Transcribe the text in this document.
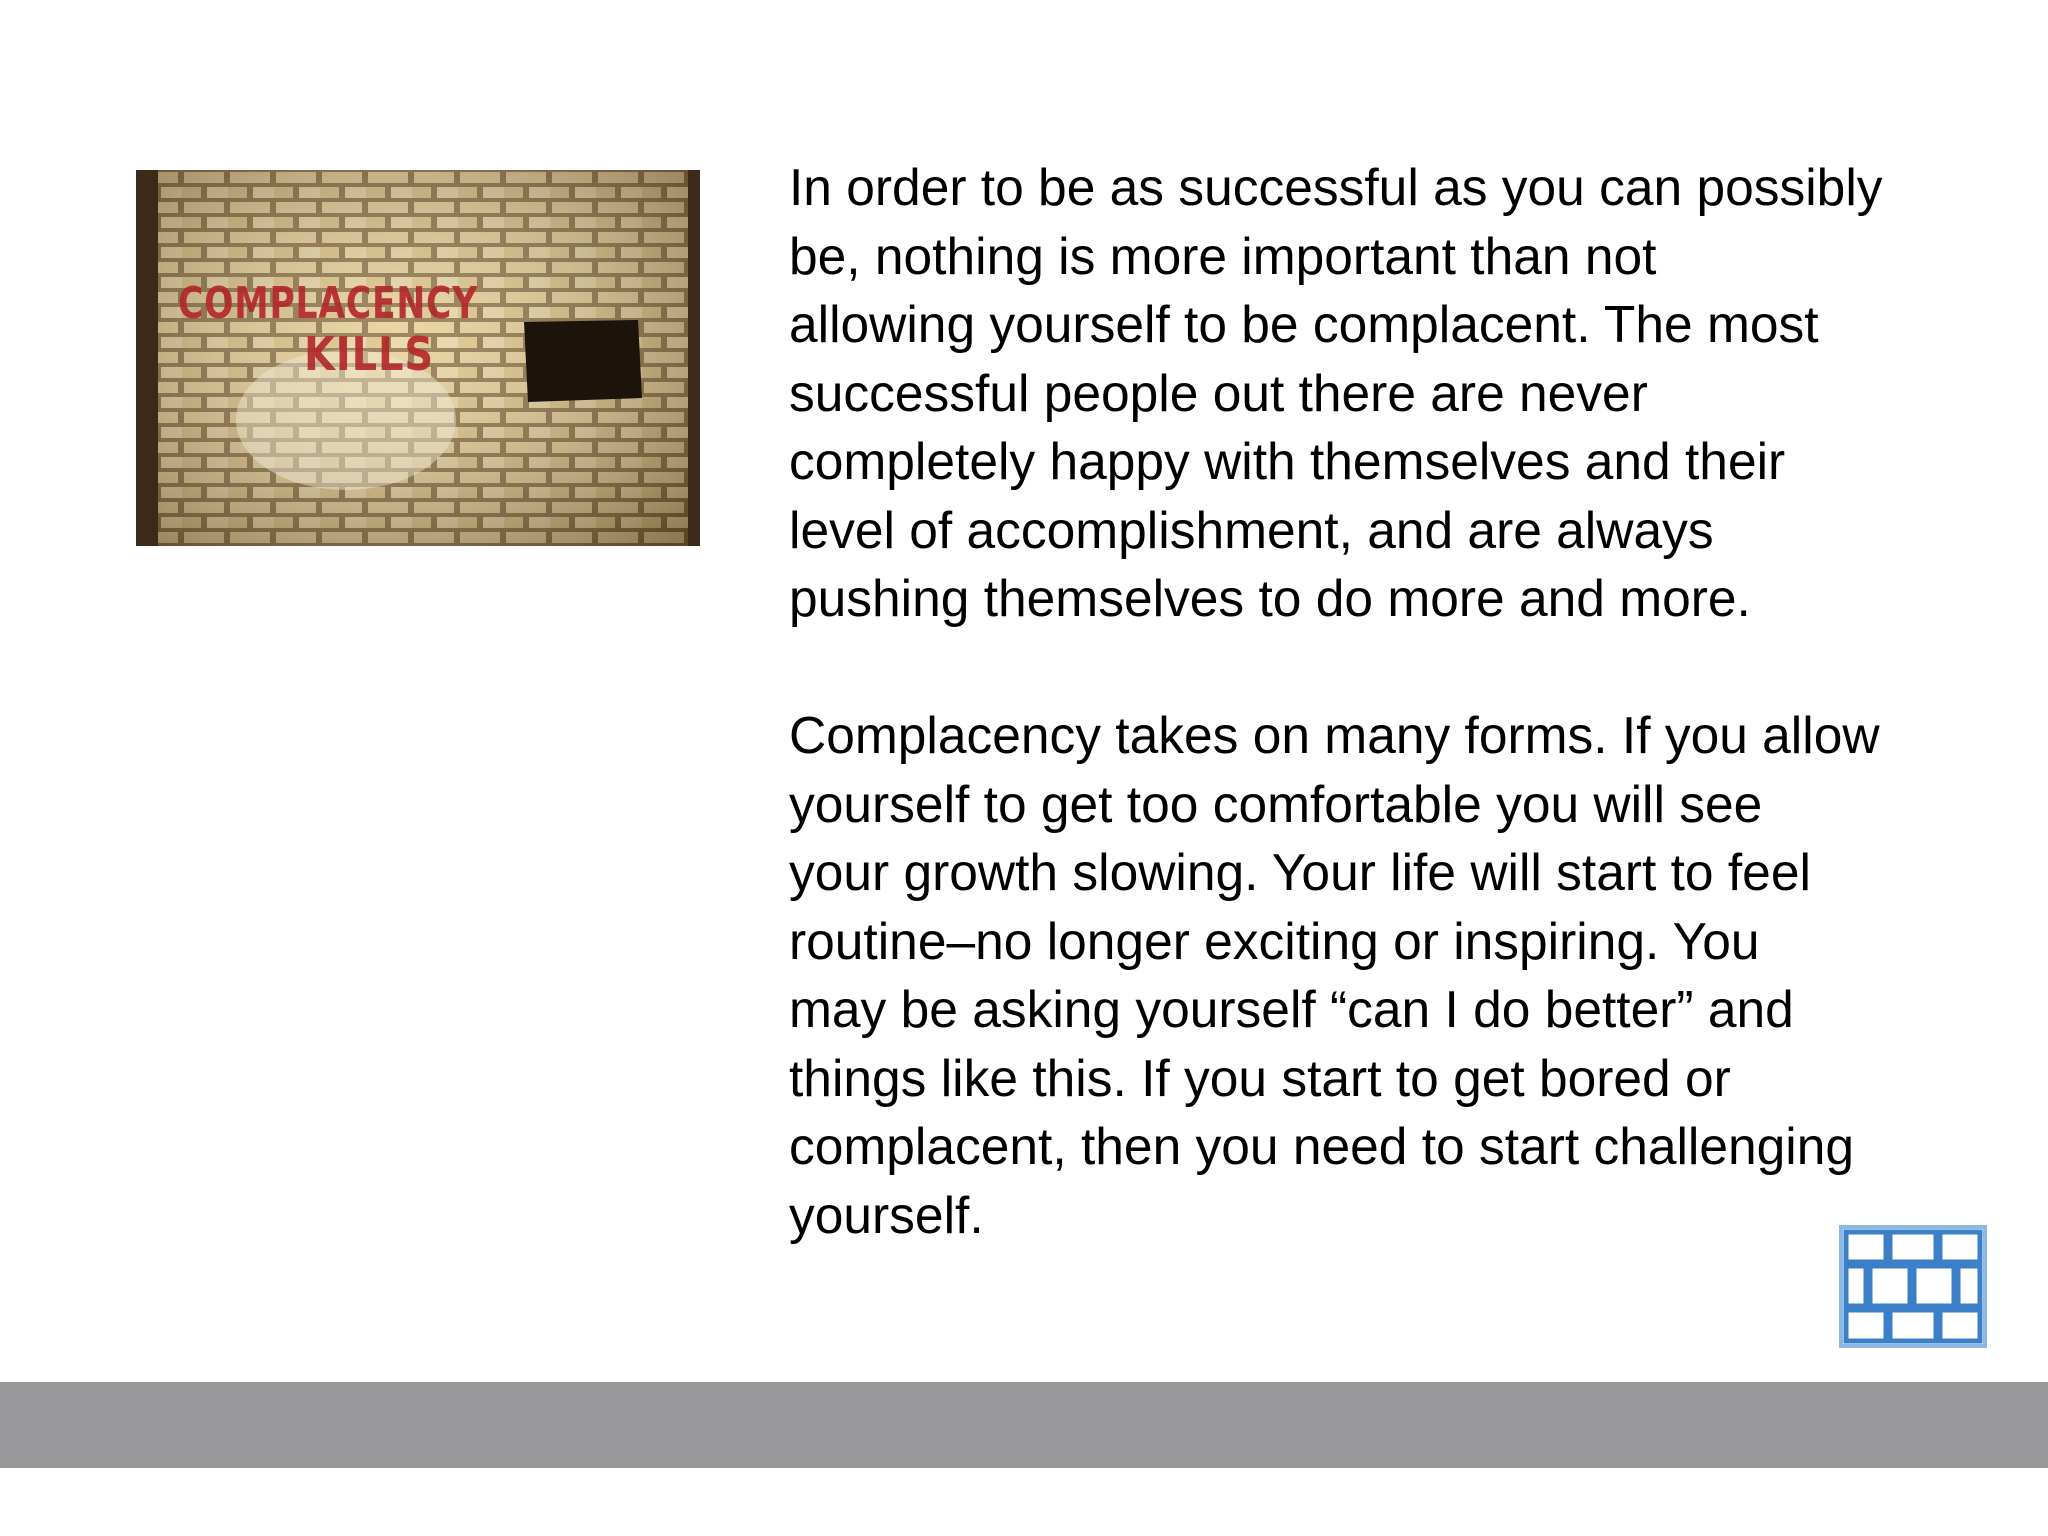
COMPLACENCY
KILLS

In order to be as successful as you can possibly
be, nothing is more important than not
allowing yourself to be complacent. The most
successful people out there are never
completely happy with themselves and their
level of accomplishment, and are always
pushing themselves to do more and more.

Complacency takes on many forms. If you allow
yourself to get too comfortable you will see
your growth slowing. Your life will start to feel
routine–no longer exciting or inspiring. You
may be asking yourself “can I do better” and
things like this. If you start to get bored or
complacent, then you need to start challenging
yourself.
